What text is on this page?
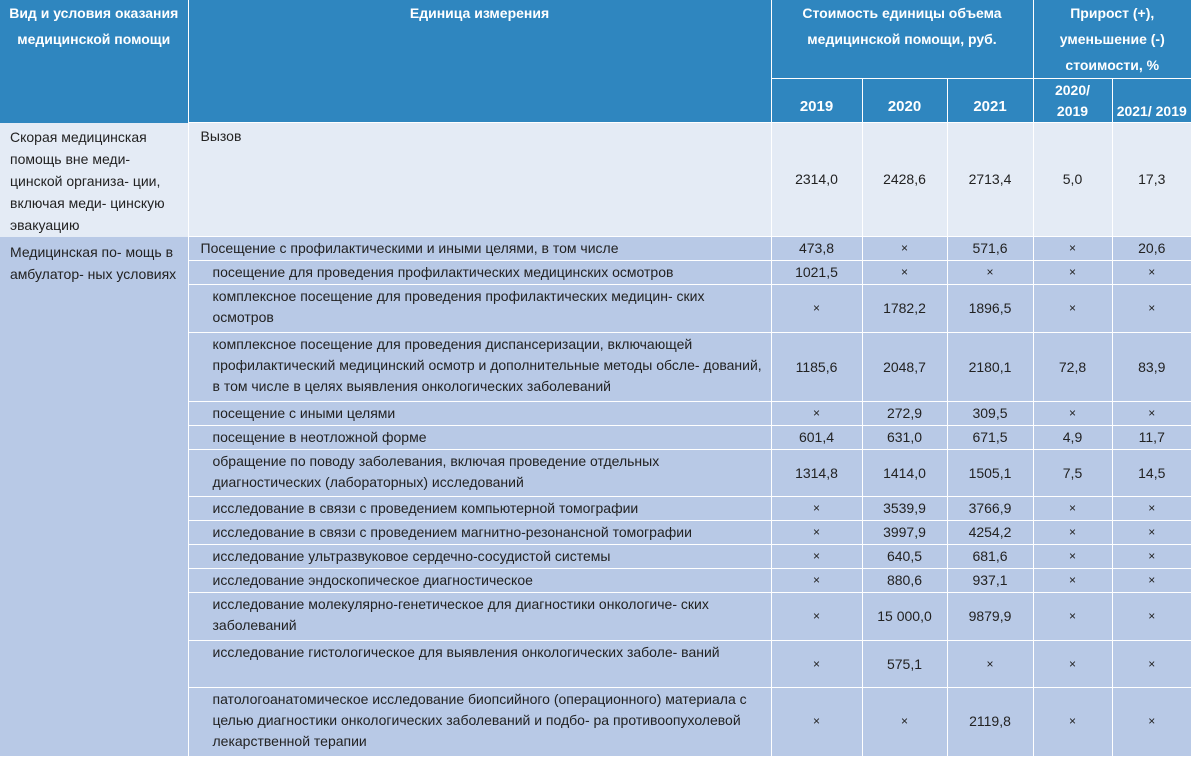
Вид и условия оказания медицинской помощи	Единица измерения	Стоимость единицы объема медицинской помощи, руб.			Прирост (+), уменьшение (-) стоимости, %	
		2019	2020	2021	2020/ 2019	2021/ 2019
Скорая медицинская помощь вне меди- цинской организа- ции, включая меди- цинскую эвакуацию	Вызов	2314,0	2428,6	2713,4	5,0	17,3
Медицинская по- мощь в амбулатор- ных условиях	Посещение с профилактическими и иными целями, в том числе	473,8	×	571,6	×	20,6
	посещение для проведения профилактических медицинских осмотров	1021,5	×	×	×	×
	комплексное посещение для проведения профилактических медицин- ских осмотров	×	1782,2	1896,5	×	×
	комплексное посещение для проведения диспансеризации, включающей профилактический медицинский осмотр и дополнительные методы обсле- дований, в том числе в целях выявления онкологических заболеваний	1185,6	2048,7	2180,1	72,8	83,9
	посещение с иными целями	×	272,9	309,5	×	×
	посещение в неотложной форме	601,4	631,0	671,5	4,9	11,7
	обращение по поводу заболевания, включая проведение отдельных диагностических (лабораторных) исследований	1314,8	1414,0	1505,1	7,5	14,5
	исследование в связи с проведением компьютерной томографии	×	3539,9	3766,9	×	×
	исследование в связи с проведением магнитно-резонансной томографии	×	3997,9	4254,2	×	×
	исследование ультразвуковое сердечно-сосудистой системы	×	640,5	681,6	×	×
	исследование эндоскопическое диагностическое	×	880,6	937,1	×	×
	исследование молекулярно-генетическое для диагностики онкологиче- ских заболеваний	×	15 000,0	9879,9	×	×
	исследование гистологическое для выявления онкологических заболе- ваний	×	575,1	×	×	×
	патологоанатомическое исследование биопсийного (операционного) материала с целью диагностики онкологических заболеваний и подбо- ра противоопухолевой лекарственной терапии	×	×	2119,8	×	×
